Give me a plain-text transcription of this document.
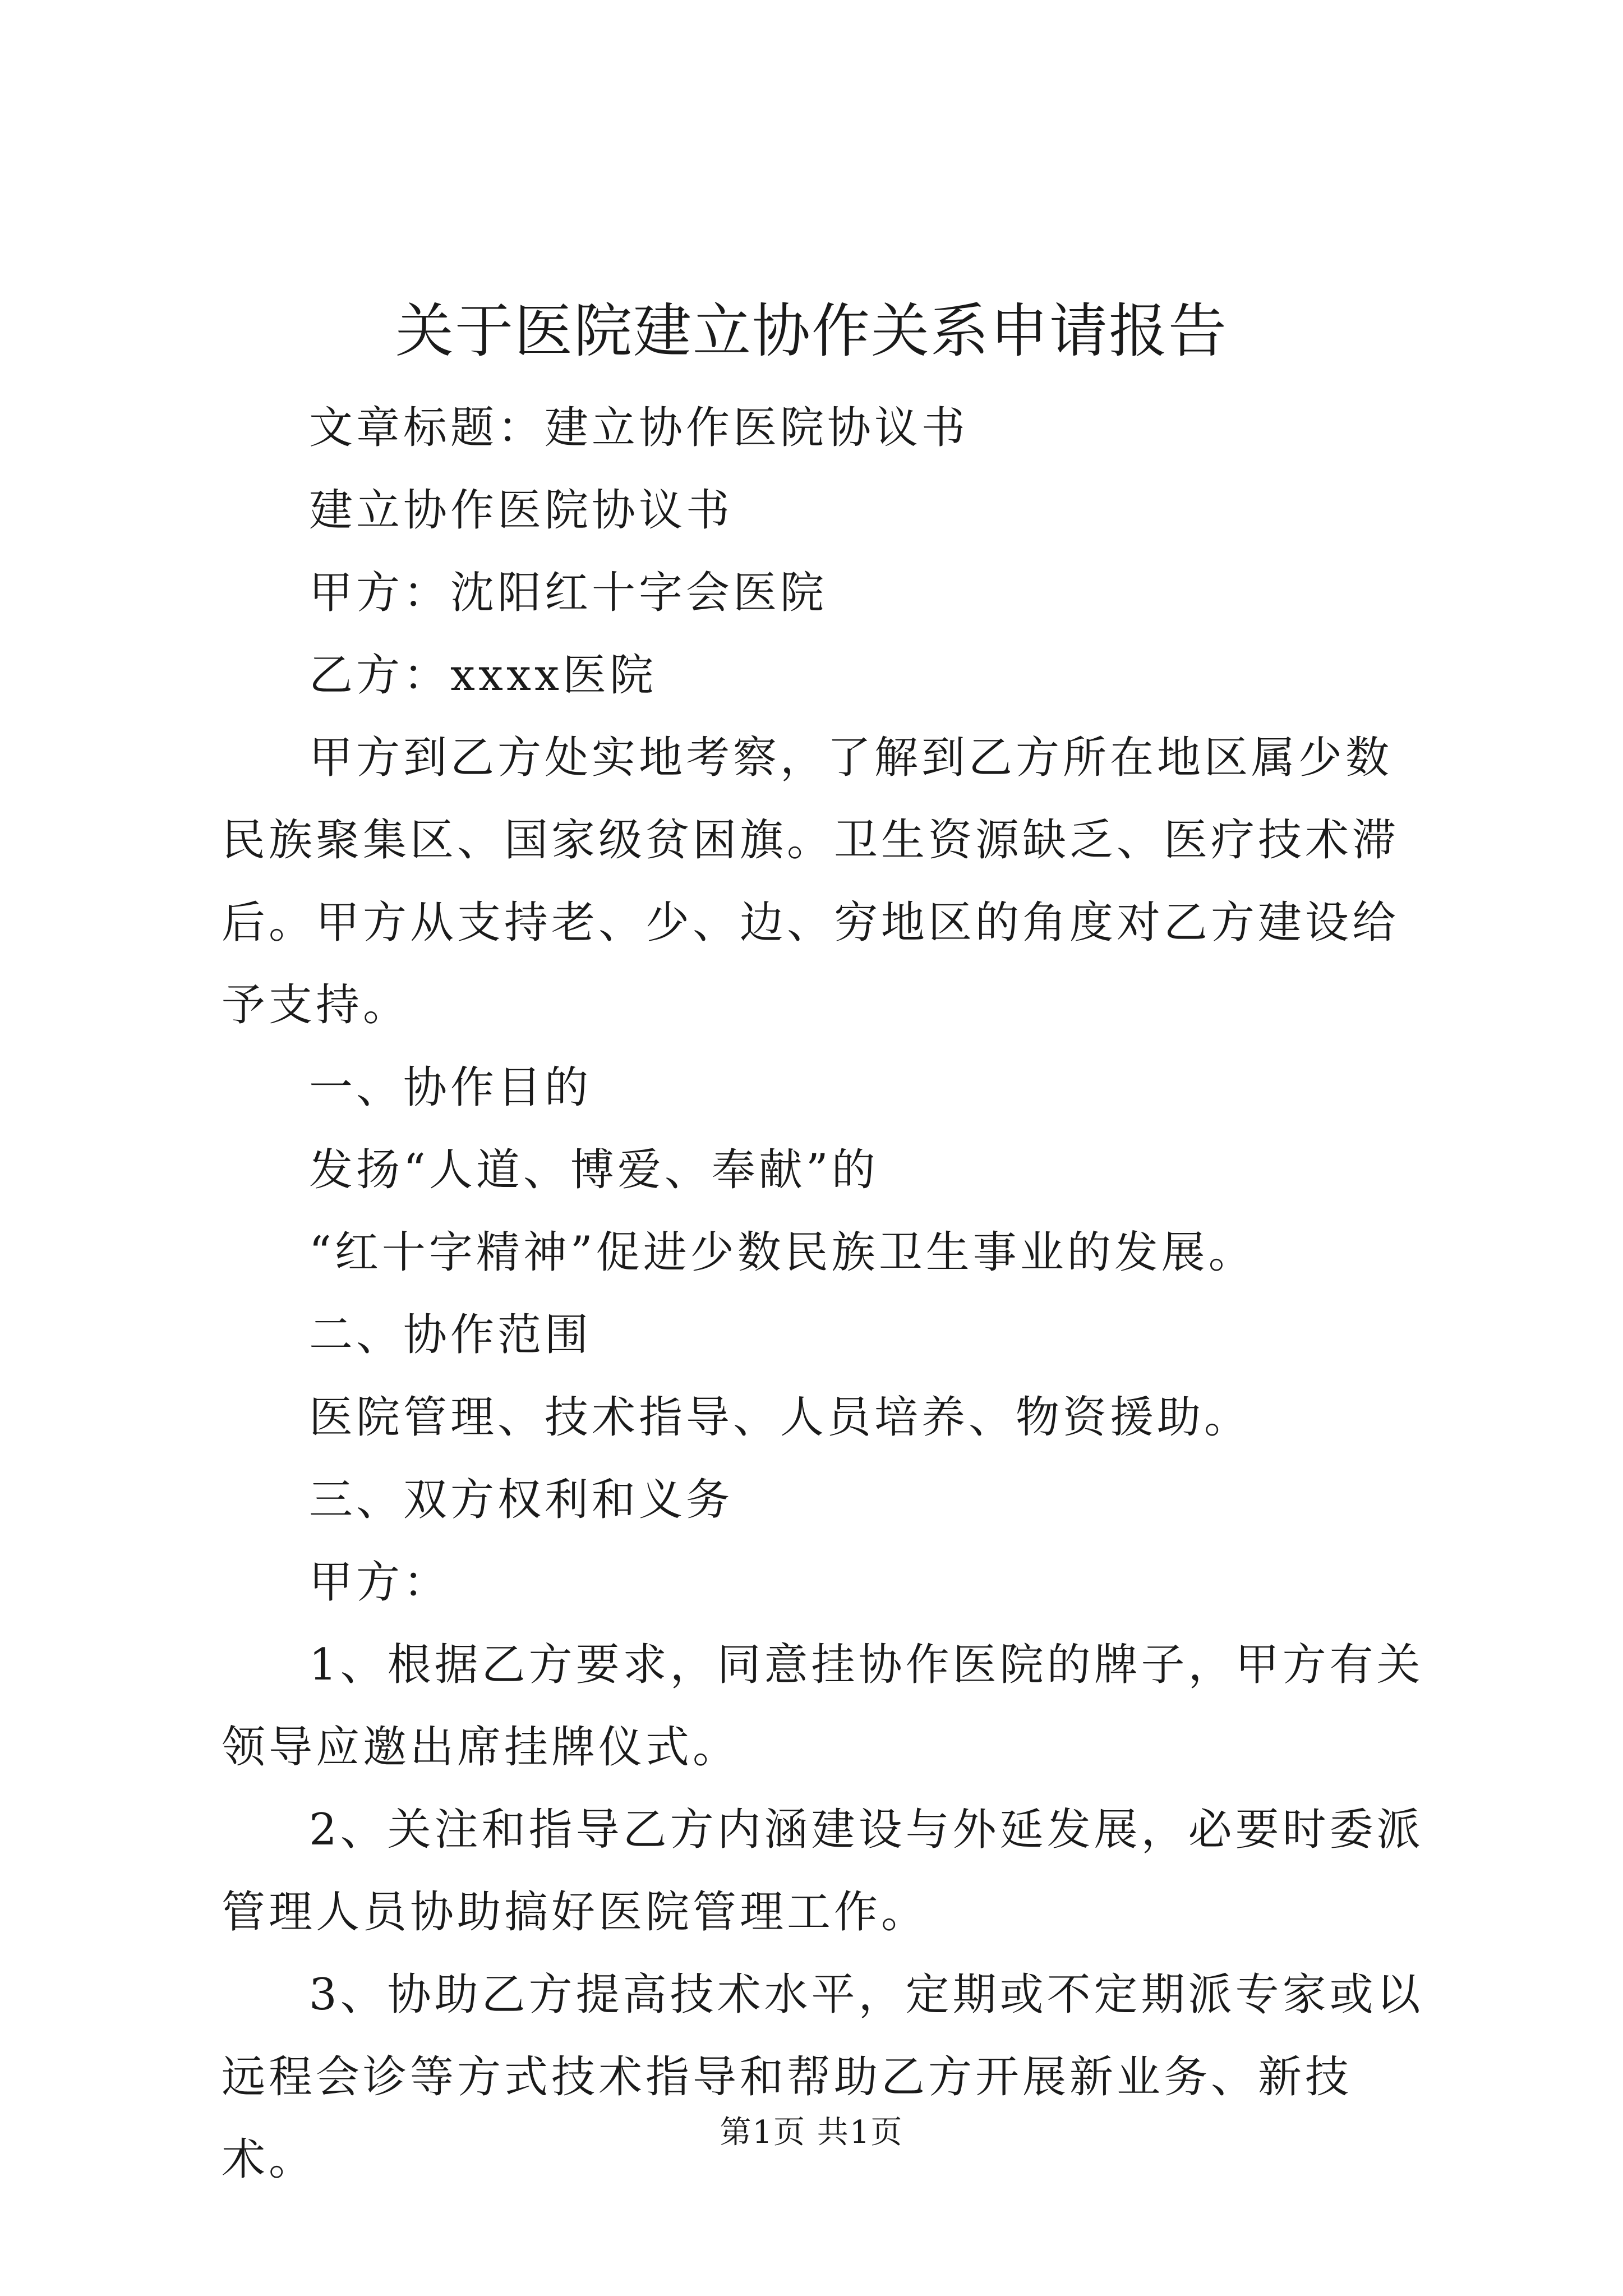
关于医院建立协作关系申请报告

文章标题：建立协作医院协议书

建立协作医院协议书

甲方：沈阳红十字会医院

乙方：xxxx医院

甲方到乙方处实地考察，了解到乙方所在地区属少数民族聚集区、国家级贫困旗。卫生资源缺乏、医疗技术滞后。甲方从支持老、少、边、穷地区的角度对乙方建设给予支持。

一、协作目的

发扬“人道、博爱、奉献”的

“红十字精神”促进少数民族卫生事业的发展。

二、协作范围

医院管理、技术指导、人员培养、物资援助。

三、双方权利和义务

甲方：

1、根据乙方要求，同意挂协作医院的牌子，甲方有关领导应邀出席挂牌仪式。

2、关注和指导乙方内涵建设与外延发展，必要时委派管理人员协助搞好医院管理工作。

3、协助乙方提高技术水平，定期或不定期派专家或以远程会诊等方式技术指导和帮助乙方开展新业务、新技术。

第1页 共1页
